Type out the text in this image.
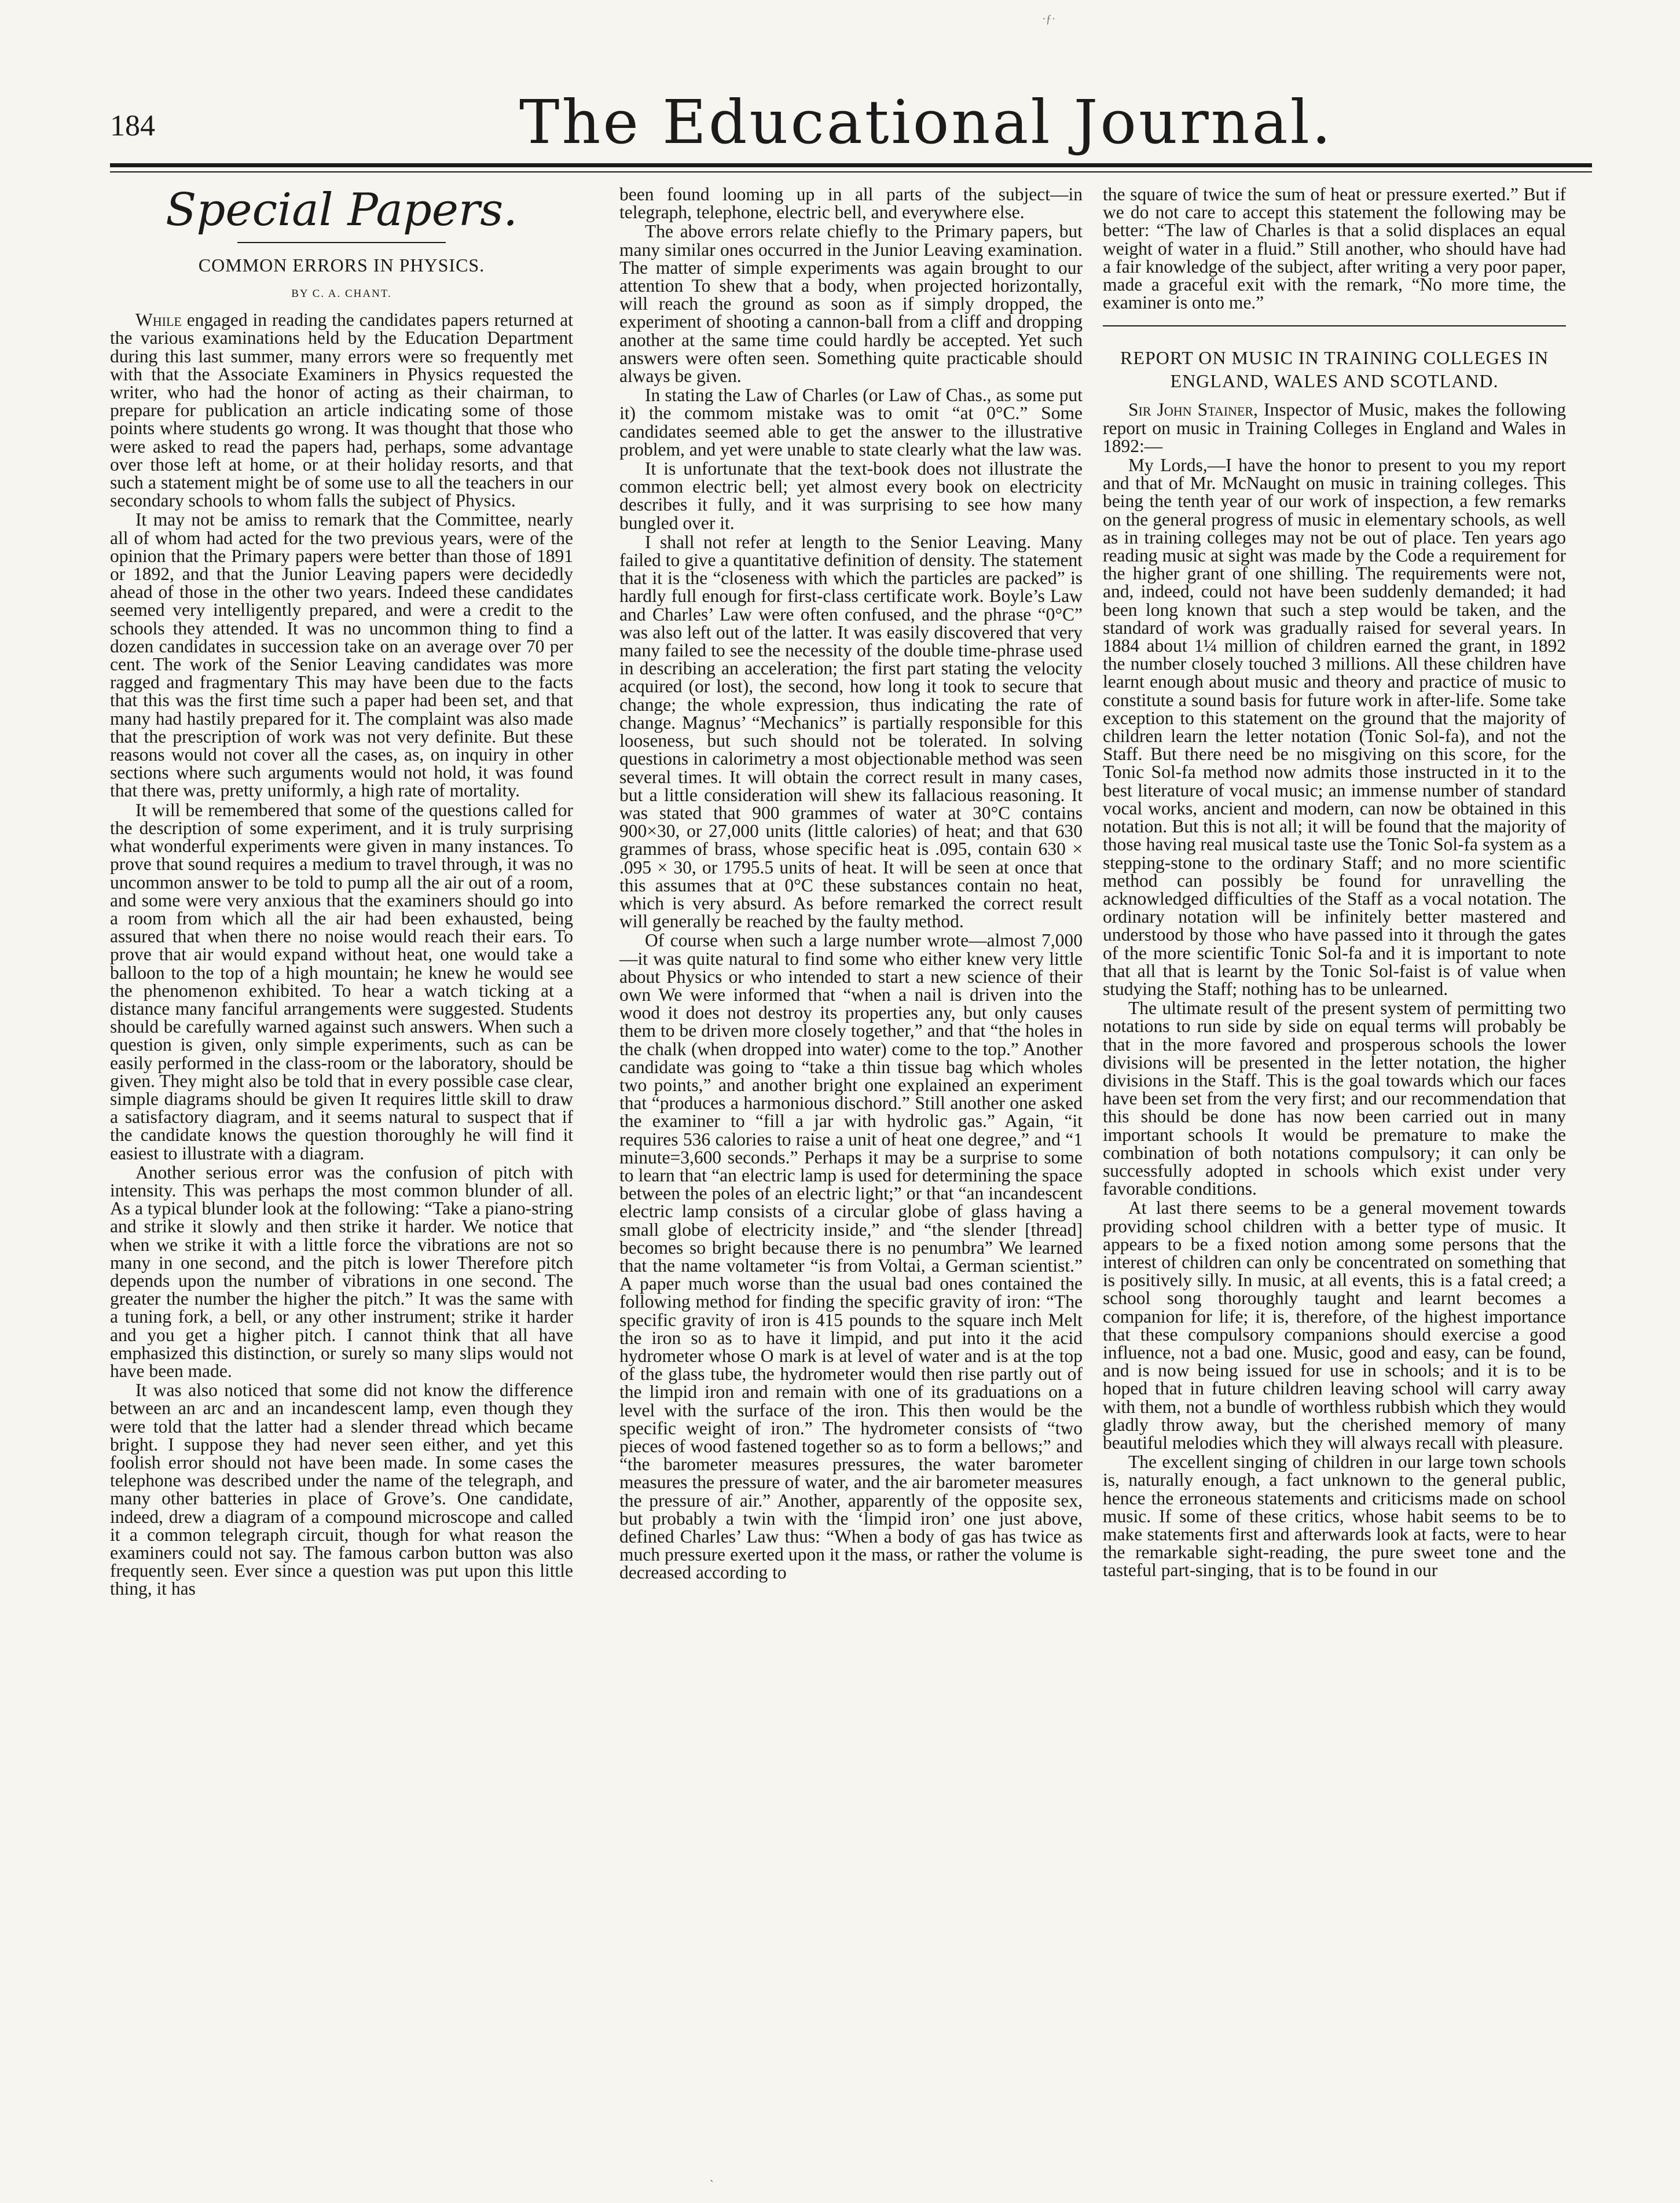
·ƒ·
184	The Educational Journal.
Special Papers.
COMMON ERRORS IN PHYSICS.
BY C. A. CHANT.

While engaged in reading the candidates papers returned at the various examinations held by the Education Department during this last summer, many errors were so frequently met with that the Associate Examiners in Physics requested the writer, who had the honor of acting as their chairman, to prepare for publication an article indicating some of those points where students go wrong. It was thought that those who were asked to read the papers had, perhaps, some advantage over those left at home, or at their holiday resorts, and that such a statement might be of some use to all the teachers in our secondary schools to whom falls the subject of Physics.

It may not be amiss to remark that the Committee, nearly all of whom had acted for the two previous years, were of the opinion that the Primary papers were better than those of 1891 or 1892, and that the Junior Leaving papers were decidedly ahead of those in the other two years. Indeed these candidates seemed very intelligently prepared, and were a credit to the schools they attended. It was no uncommon thing to find a dozen candidates in succession take on an average over 70 per cent. The work of the Senior Leaving candidates was more ragged and fragmentary This may have been due to the facts that this was the first time such a paper had been set, and that many had hastily prepared for it. The complaint was also made that the prescription of work was not very definite. But these reasons would not cover all the cases, as, on inquiry in other sections where such arguments would not hold, it was found that there was, pretty uniformly, a high rate of mortality.

It will be remembered that some of the questions called for the description of some experiment, and it is truly surprising what wonderful experiments were given in many instances. To prove that sound requires a medium to travel through, it was no uncommon answer to be told to pump all the air out of a room, and some were very anxious that the examiners should go into a room from which all the air had been exhausted, being assured that when there no noise would reach their ears. To prove that air would expand without heat, one would take a balloon to the top of a high mountain; he knew he would see the phenomenon exhibited. To hear a watch ticking at a distance many fanciful arrangements were suggested. Students should be carefully warned against such answers. When such a question is given, only simple experiments, such as can be easily performed in the class-room or the laboratory, should be given. They might also be told that in every possible case clear, simple diagrams should be given It requires little skill to draw a satisfactory diagram, and it seems natural to suspect that if the candidate knows the question thoroughly he will find it easiest to illustrate with a diagram.

Another serious error was the confusion of pitch with intensity. This was perhaps the most common blunder of all. As a typical blunder look at the following: “Take a piano-string and strike it slowly and then strike it harder. We notice that when we strike it with a little force the vibrations are not so many in one second, and the pitch is lower Therefore pitch depends upon the number of vibrations in one second. The greater the number the higher the pitch.” It was the same with a tuning fork, a bell, or any other instrument; strike it harder and you get a higher pitch. I cannot think that all have emphasized this distinction, or surely so many slips would not have been made.

It was also noticed that some did not know the difference between an arc and an incandescent lamp, even though they were told that the latter had a slender thread which became bright. I suppose they had never seen either, and yet this foolish error should not have been made. In some cases the telephone was described under the name of the telegraph, and many other batteries in place of Grove’s. One candidate, indeed, drew a diagram of a compound microscope and called it a common telegraph circuit, though for what reason the examiners could not say. The famous carbon button was also frequently seen. Ever since a question was put upon this little thing, it has

been found looming up in all parts of the subject—in telegraph, telephone, electric bell, and everywhere else.

The above errors relate chiefly to the Primary papers, but many similar ones occurred in the Junior Leaving examination. The matter of simple experiments was again brought to our attention To shew that a body, when projected horizontally, will reach the ground as soon as if simply dropped, the experiment of shooting a cannon-ball from a cliff and dropping another at the same time could hardly be accepted. Yet such answers were often seen. Something quite practicable should always be given.

In stating the Law of Charles (or Law of Chas., as some put it) the commom mistake was to omit “at 0°C.” Some candidates seemed able to get the answer to the illustrative problem, and yet were unable to state clearly what the law was.

It is unfortunate that the text-book does not illustrate the common electric bell; yet almost every book on electricity describes it fully, and it was surprising to see how many bungled over it.

I shall not refer at length to the Senior Leaving. Many failed to give a quantitative definition of density. The statement that it is the “closeness with which the particles are packed” is hardly full enough for first-class certificate work. Boyle’s Law and Charles’ Law were often confused, and the phrase “0°C” was also left out of the latter. It was easily discovered that very many failed to see the necessity of the double time-phrase used in describing an acceleration; the first part stating the velocity acquired (or lost), the second, how long it took to secure that change; the whole expression, thus indicating the rate of change. Magnus’ “Mechanics” is partially responsible for this looseness, but such should not be tolerated. In solving questions in calorimetry a most objectionable method was seen several times. It will obtain the correct result in many cases, but a little consideration will shew its fallacious reasoning. It was stated that 900 grammes of water at 30°C contains 900×30, or 27,000 units (little calories) of heat; and that 630 grammes of brass, whose specific heat is .095, contain 630 × .095 × 30, or 1795.5 units of heat. It will be seen at once that this assumes that at 0°C these substances contain no heat, which is very absurd. As before remarked the correct result will generally be reached by the faulty method.

Of course when such a large number wrote—almost 7,000—it was quite natural to find some who either knew very little about Physics or who intended to start a new science of their own We were informed that “when a nail is driven into the wood it does not destroy its properties any, but only causes them to be driven more closely together,” and that “the holes in the chalk (when dropped into water) come to the top.” Another candidate was going to “take a thin tissue bag which wholes two points,” and another bright one explained an experiment that “produces a harmonious dischord.” Still another one asked the examiner to “fill a jar with hydrolic gas.” Again, “it requires 536 calories to raise a unit of heat one degree,” and “1 minute=3,600 seconds.” Perhaps it may be a surprise to some to learn that “an electric lamp is used for determining the space between the poles of an electric light;” or that “an incandescent electric lamp consists of a circular globe of glass having a small globe of electricity inside,” and “the slender [thread] becomes so bright because there is no penumbra” We learned that the name voltameter “is from Voltai, a German scientist.” A paper much worse than the usual bad ones contained the following method for finding the specific gravity of iron: “The specific gravity of iron is 415 pounds to the square inch Melt the iron so as to have it limpid, and put into it the acid hydrometer whose O mark is at level of water and is at the top of the glass tube, the hydrometer would then rise partly out of the limpid iron and remain with one of its graduations on a level with the surface of the iron. This then would be the specific weight of iron.” The hydrometer consists of “two pieces of wood fastened together so as to form a bellows;” and “the barometer measures pressures, the water barometer measures the pressure of water, and the air barometer measures the pressure of air.” Another, apparently of the opposite sex, but probably a twin with the ‘limpid iron’ one just above, defined Charles’ Law thus: “When a body of gas has twice as much pressure exerted upon it the mass, or rather the volume is decreased according to

the square of twice the sum of heat or pressure exerted.” But if we do not care to accept this statement the following may be better: “The law of Charles is that a solid displaces an equal weight of water in a fluid.” Still another, who should have had a fair knowledge of the subject, after writing a very poor paper, made a graceful exit with the remark, “No more time, the examiner is onto me.”

REPORT ON MUSIC IN TRAINING COLLEGES IN ENGLAND, WALES AND SCOTLAND.

Sir John Stainer, Inspector of Music, makes the following report on music in Training Colleges in England and Wales in 1892:—

My Lords,—I have the honor to present to you my report and that of Mr. McNaught on music in training colleges. This being the tenth year of our work of inspection, a few remarks on the general progress of music in elementary schools, as well as in training colleges may not be out of place. Ten years ago reading music at sight was made by the Code a requirement for the higher grant of one shilling. The requirements were not, and, indeed, could not have been suddenly demanded; it had been long known that such a step would be taken, and the standard of work was gradually raised for several years. In 1884 about 1¼ million of children earned the grant, in 1892 the number closely touched 3 millions. All these children have learnt enough about music and theory and practice of music to constitute a sound basis for future work in after-life. Some take exception to this statement on the ground that the majority of children learn the letter notation (Tonic Sol-fa), and not the Staff. But there need be no misgiving on this score, for the Tonic Sol-fa method now admits those instructed in it to the best literature of vocal music; an immense number of standard vocal works, ancient and modern, can now be obtained in this notation. But this is not all; it will be found that the majority of those having real musical taste use the Tonic Sol-fa system as a stepping-stone to the ordinary Staff; and no more scientific method can possibly be found for unravelling the acknowledged difficulties of the Staff as a vocal notation. The ordinary notation will be infinitely better mastered and understood by those who have passed into it through the gates of the more scientific Tonic Sol-fa and it is important to note that all that is learnt by the Tonic Sol-faist is of value when studying the Staff; nothing has to be unlearned.

The ultimate result of the present system of permitting two notations to run side by side on equal terms will probably be that in the more favored and prosperous schools the lower divisions will be presented in the letter notation, the higher divisions in the Staff. This is the goal towards which our faces have been set from the very first; and our recommendation that this should be done has now been carried out in many important schools It would be premature to make the combination of both notations compulsory; it can only be successfully adopted in schools which exist under very favorable conditions.

At last there seems to be a general movement towards providing school children with a better type of music. It appears to be a fixed notion among some persons that the interest of children can only be concentrated on something that is positively silly. In music, at all events, this is a fatal creed; a school song thoroughly taught and learnt becomes a companion for life; it is, therefore, of the highest importance that these compulsory companions should exercise a good influence, not a bad one. Music, good and easy, can be found, and is now being issued for use in schools; and it is to be hoped that in future children leaving school will carry away with them, not a bundle of worthless rubbish which they would gladly throw away, but the cherished memory of many beautiful melodies which they will always recall with pleasure.

The excellent singing of children in our large town schools is, naturally enough, a fact unknown to the general public, hence the erroneous statements and criticisms made on school music. If some of these critics, whose habit seems to be to make statements first and afterwards look at facts, were to hear the remarkable sight-reading, the pure sweet tone and the tasteful part-singing, that is to be found in our

ˎ
